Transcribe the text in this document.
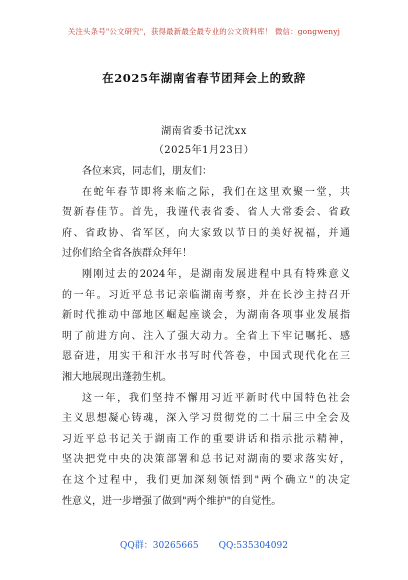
关注头条号"公文研究"，获得最新最全最专业的公文资料库！ 微信：gongwenyj
在2025年湖南省春节团拜会上的致辞
湖南省委书记沈xx
（2025年1月23日）
各位来宾，同志们，朋友们：
在蛇年春节即将来临之际，我们在这里欢聚一堂，共
贺新春佳节。首先，我谨代表省委、省人大常委会、省政
府、省政协、省军区，向大家致以节日的美好祝福，并通
过你们给全省各族群众拜年！
刚刚过去的2024年，是湖南发展进程中具有特殊意义
的一年。习近平总书记亲临湖南考察，并在长沙主持召开
新时代推动中部地区崛起座谈会，为湖南各项事业发展指
明了前进方向、注入了强大动力。全省上下牢记嘱托、感
恩奋进，用实干和汗水书写时代答卷，中国式现代化在三
湘大地展现出蓬勃生机。
这一年，我们坚持不懈用习近平新时代中国特色社会
主义思想凝心铸魂，深入学习贯彻党的二十届三中全会及
习近平总书记关于湖南工作的重要讲话和指示批示精神，
坚决把党中央的决策部署和总书记对湖南的要求落实好，
在这个过程中，我们更加深刻领悟到"两个确立"的决定
性意义，进一步增强了做到"两个维护"的自觉性。
QQ群：30265665 QQ:535304092
